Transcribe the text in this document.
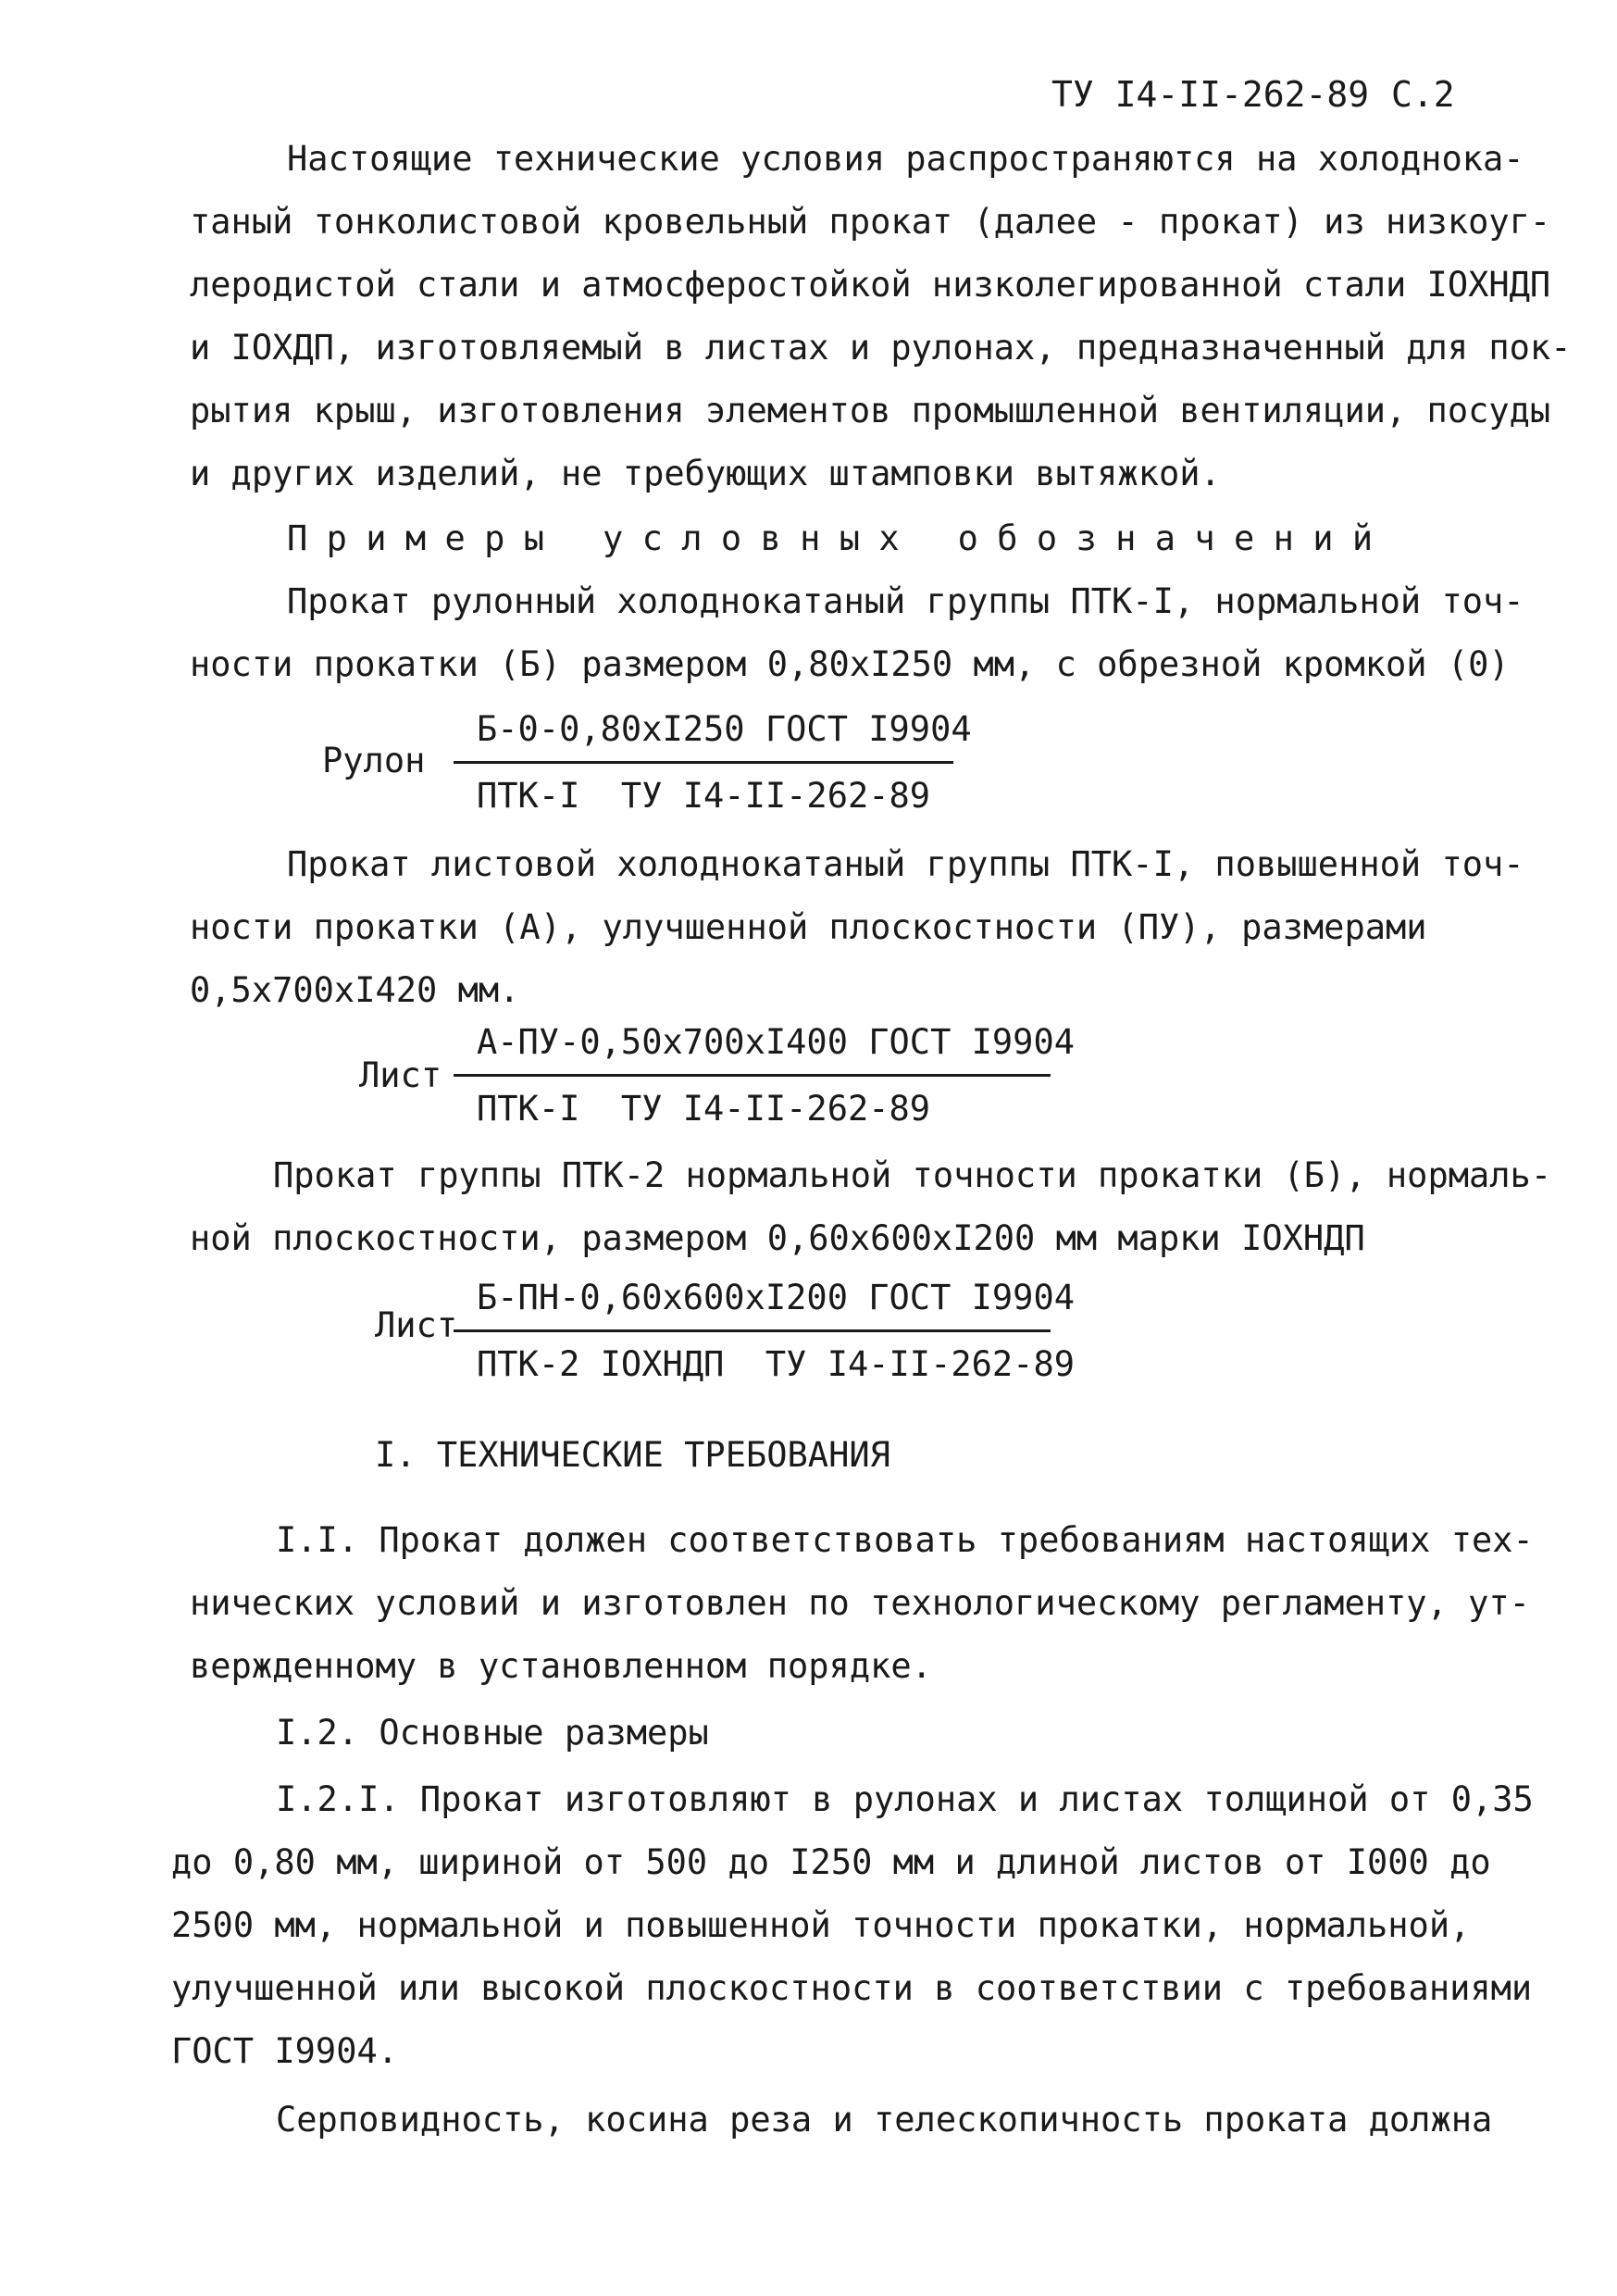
ТУ I4-II-262-89 С.2
Настоящие технические условия распространяются на холоднока-
таный тонколистовой кровельный прокат (далее - прокат) из низкоуг-
леродистой стали и атмосферостойкой низколегированной стали IОХНДП
и IОХДП, изготовляемый в листах и рулонах, предназначенный для пок-
рытия крыш, изготовления элементов промышленной вентиляции, посуды
и других изделий, не требующих штамповки вытяжкой.
Примеры условных обозначений
Прокат рулонный холоднокатаный группы ПТК-I, нормальной точ-
ности прокатки (Б) размером 0,80хI250 мм, с обрезной кромкой (0)
Рулон
Б-0-0,80хI250 ГОСТ I9904
ПТК-I  ТУ I4-II-262-89
Прокат листовой холоднокатаный группы ПТК-I, повышенной точ-
ности прокатки (А), улучшенной плоскостности (ПУ), размерами
0,5х700хI420 мм.
Лист
А-ПУ-0,50х700хI400 ГОСТ I9904
ПТК-I  ТУ I4-II-262-89
Прокат группы ПТК-2 нормальной точности прокатки (Б), нормаль-
ной плоскостности, размером 0,60х600хI200 мм марки IОХНДП
Лист
Б-ПН-0,60х600хI200 ГОСТ I9904
ПТК-2 IОХНДП  ТУ I4-II-262-89
I. ТЕХНИЧЕСКИЕ ТРЕБОВАНИЯ
I.I. Прокат должен соответствовать требованиям настоящих тех-
нических условий и изготовлен по технологическому регламенту, ут-
вержденному в установленном порядке.
I.2. Основные размеры
I.2.I. Прокат изготовляют в рулонах и листах толщиной от 0,35
до 0,80 мм, шириной от 500 до I250 мм и длиной листов от I000 до
2500 мм, нормальной и повышенной точности прокатки, нормальной,
улучшенной или высокой плоскостности в соответствии с требованиями
ГОСТ I9904.
Серповидность, косина реза и телескопичность проката должна
